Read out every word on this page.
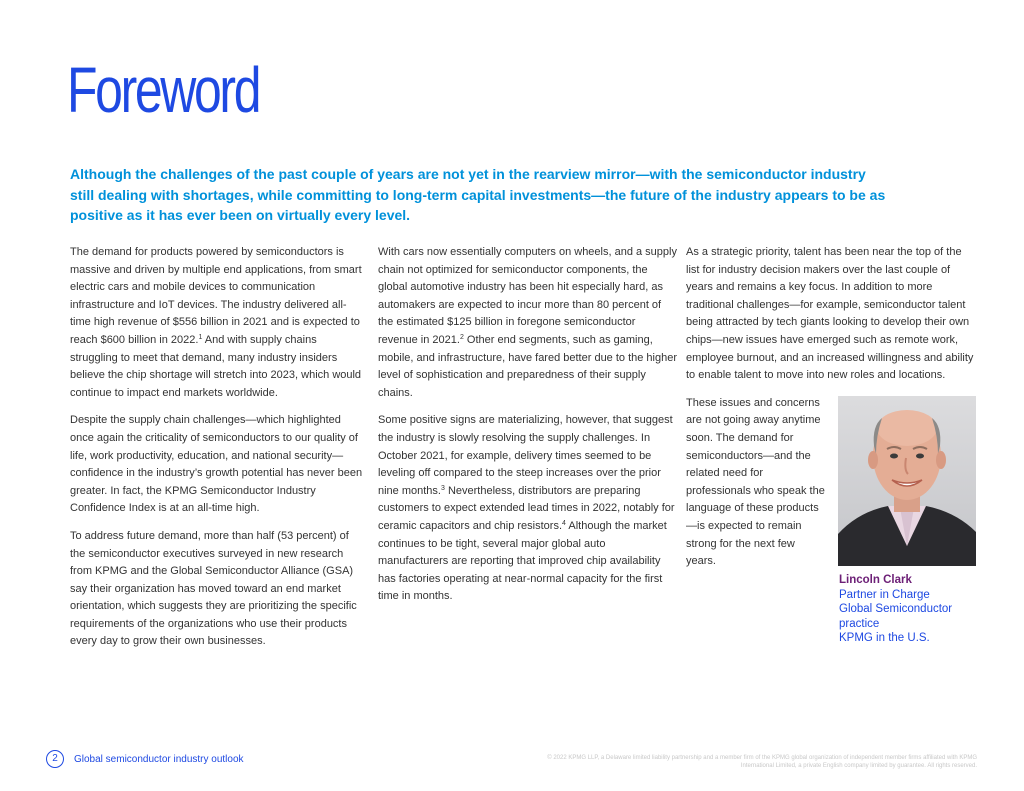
Foreword

Although the challenges of the past couple of years are not yet in the rearview mirror—with the semiconductor industry still dealing with shortages, while committing to long-term capital investments—the future of the industry appears to be as positive as it has ever been on virtually every level.

The demand for products powered by semiconductors is massive and driven by multiple end applications, from smart electric cars and mobile devices to communication infrastructure and IoT devices. The industry delivered all-time high revenue of $556 billion in 2021 and is expected to reach $600 billion in 2022.$^1$ And with supply chains struggling to meet that demand, many industry insiders believe the chip shortage will stretch into 2023, which would continue to impact end markets worldwide.

Despite the supply chain challenges—which highlighted once again the criticality of semiconductors to our quality of life, work productivity, education, and national security—confidence in the industry’s growth potential has never been greater. In fact, the KPMG Semiconductor Industry Confidence Index is at an all-time high.

To address future demand, more than half (53 percent) of the semiconductor executives surveyed in new research from KPMG and the Global Semiconductor Alliance (GSA) say their organization has moved toward an end market orientation, which suggests they are prioritizing the specific requirements of the organizations who use their products every day to grow their own businesses.

With cars now essentially computers on wheels, and a supply chain not optimized for semiconductor components, the global automotive industry has been hit especially hard, as automakers are expected to incur more than 80 percent of the estimated $125 billion in foregone semiconductor revenue in 2021.$^2$ Other end segments, such as gaming, mobile, and infrastructure, have fared better due to the higher level of sophistication and preparedness of their supply chains.

Some positive signs are materializing, however, that suggest the industry is slowly resolving the supply challenges. In October 2021, for example, delivery times seemed to be leveling off compared to the steep increases over the prior nine months.$^3$ Nevertheless, distributors are preparing customers to expect extended lead times in 2022, notably for ceramic capacitors and chip resistors.$^4$ Although the market continues to be tight, several major global auto manufacturers are reporting that improved chip availability has factories operating at near-normal capacity for the first time in months.

As a strategic priority, talent has been near the top of the list for industry decision makers over the last couple of years and remains a key focus. In addition to more traditional challenges—for example, semiconductor talent being attracted by tech giants looking to develop their own chips—new issues have emerged such as remote work, employee burnout, and an increased willingness and ability to enable talent to move into new roles and locations.

These issues and concerns are not going away anytime soon. The demand for semiconductors—and the related need for professionals who speak the language of these products—is expected to remain strong for the next few years.

Lincoln Clark
Partner in Charge
Global Semiconductor practice
KPMG in the U.S.
2	Global semiconductor industry outlook	© 2022 KPMG LLP, a Delaware limited liability partnership and a member firm of the KPMG global organization of independent member firms affiliated with KPMG International Limited, a private English company limited by guarantee. All rights reserved.
